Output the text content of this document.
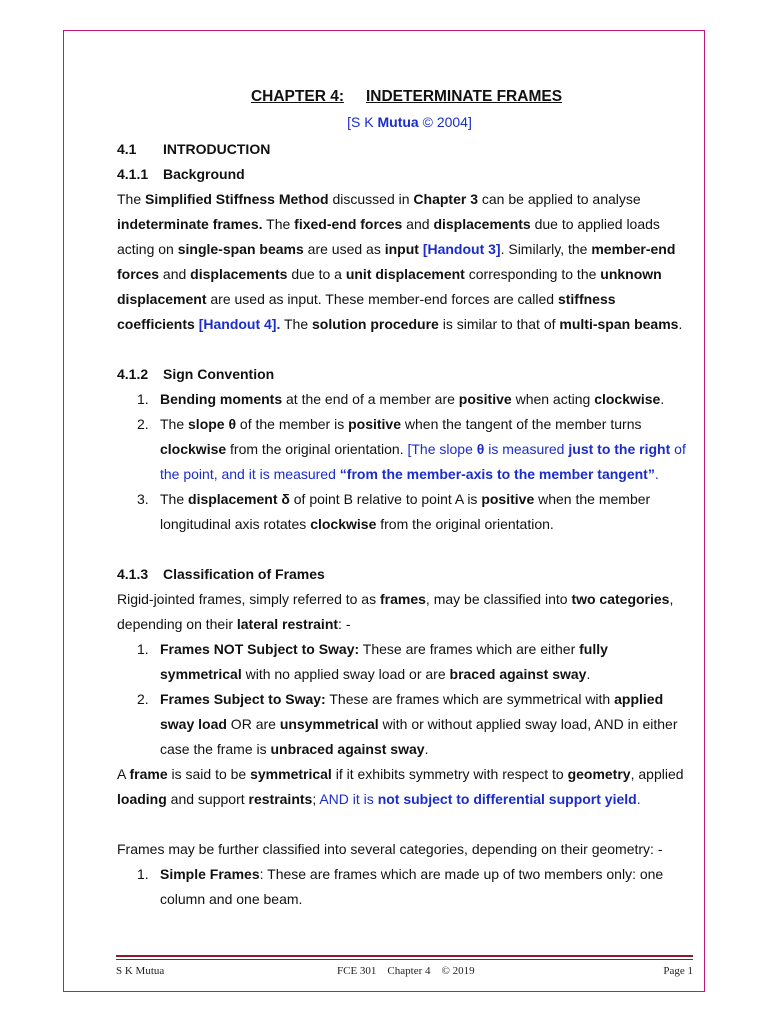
CHAPTER 4: INDETERMINATE FRAMES
[S K Mutua © 2004]
4.1 INTRODUCTION
4.1.1 Background

The Simplified Stiffness Method discussed in Chapter 3 can be applied to analyse indeterminate frames. The fixed-end forces and displacements due to applied loads acting on single-span beams are used as input [Handout 3]. Similarly, the member-end forces and displacements due to a unit displacement corresponding to the unknown displacement are used as input. These member-end forces are called stiffness coefficients [Handout 4]. The solution procedure is similar to that of multi-span beams.

4.1.2 Sign Convention
1. Bending moments at the end of a member are positive when acting clockwise.
2. The slope θ of the member is positive when the tangent of the member turns clockwise from the original orientation. [The slope θ is measured just to the right of the point, and it is measured “from the member-axis to the member tangent”.
3. The displacement δ of point B relative to point A is positive when the member longitudinal axis rotates clockwise from the original orientation.
4.1.3 Classification of Frames

Rigid-jointed frames, simply referred to as frames, may be classified into two categories, depending on their lateral restraint: -

1. Frames NOT Subject to Sway: These are frames which are either fully symmetrical with no applied sway load or are braced against sway.
2. Frames Subject to Sway: These are frames which are symmetrical with applied sway load OR are unsymmetrical with or without applied sway load, AND in either case the frame is unbraced against sway.

A frame is said to be symmetrical if it exhibits symmetry with respect to geometry, applied loading and support restraints; AND it is not subject to differential support yield.

Frames may be further classified into several categories, depending on their geometry: -

1. Simple Frames: These are frames which are made up of two members only: one column and one beam.
S K Mutua	FCE 301    Chapter 4    © 2019	Page 1
